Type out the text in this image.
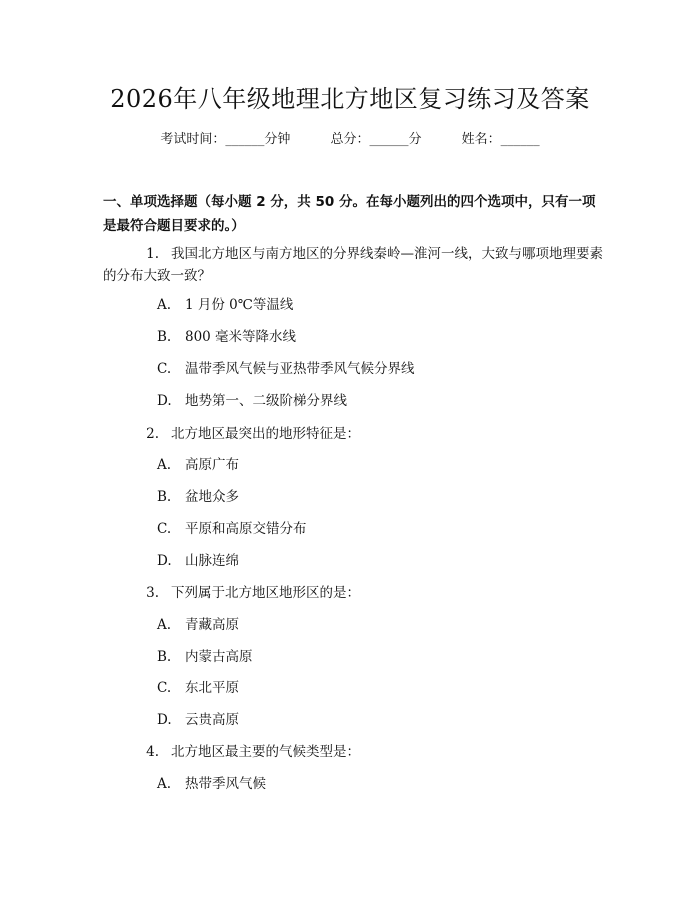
2026年八年级地理北方地区复习练习及答案
考试时间：______分钟	总分：______分	姓名：______
一、单项选择题（每小题 2 分，共 50 分。在每小题列出的四个选项中，只有一项是最符合题目要求的。）
1. 我国北方地区与南方地区的分界线秦岭—淮河一线，大致与哪项地理要素的分布大致一致？
A. 1 月份 0℃等温线
B. 800 毫米等降水线
C. 温带季风气候与亚热带季风气候分界线
D. 地势第一、二级阶梯分界线
2. 北方地区最突出的地形特征是：
A. 高原广布
B. 盆地众多
C. 平原和高原交错分布
D. 山脉连绵
3. 下列属于北方地区地形区的是：
A. 青藏高原
B. 内蒙古高原
C. 东北平原
D. 云贵高原
4. 北方地区最主要的气候类型是：
A. 热带季风气候
